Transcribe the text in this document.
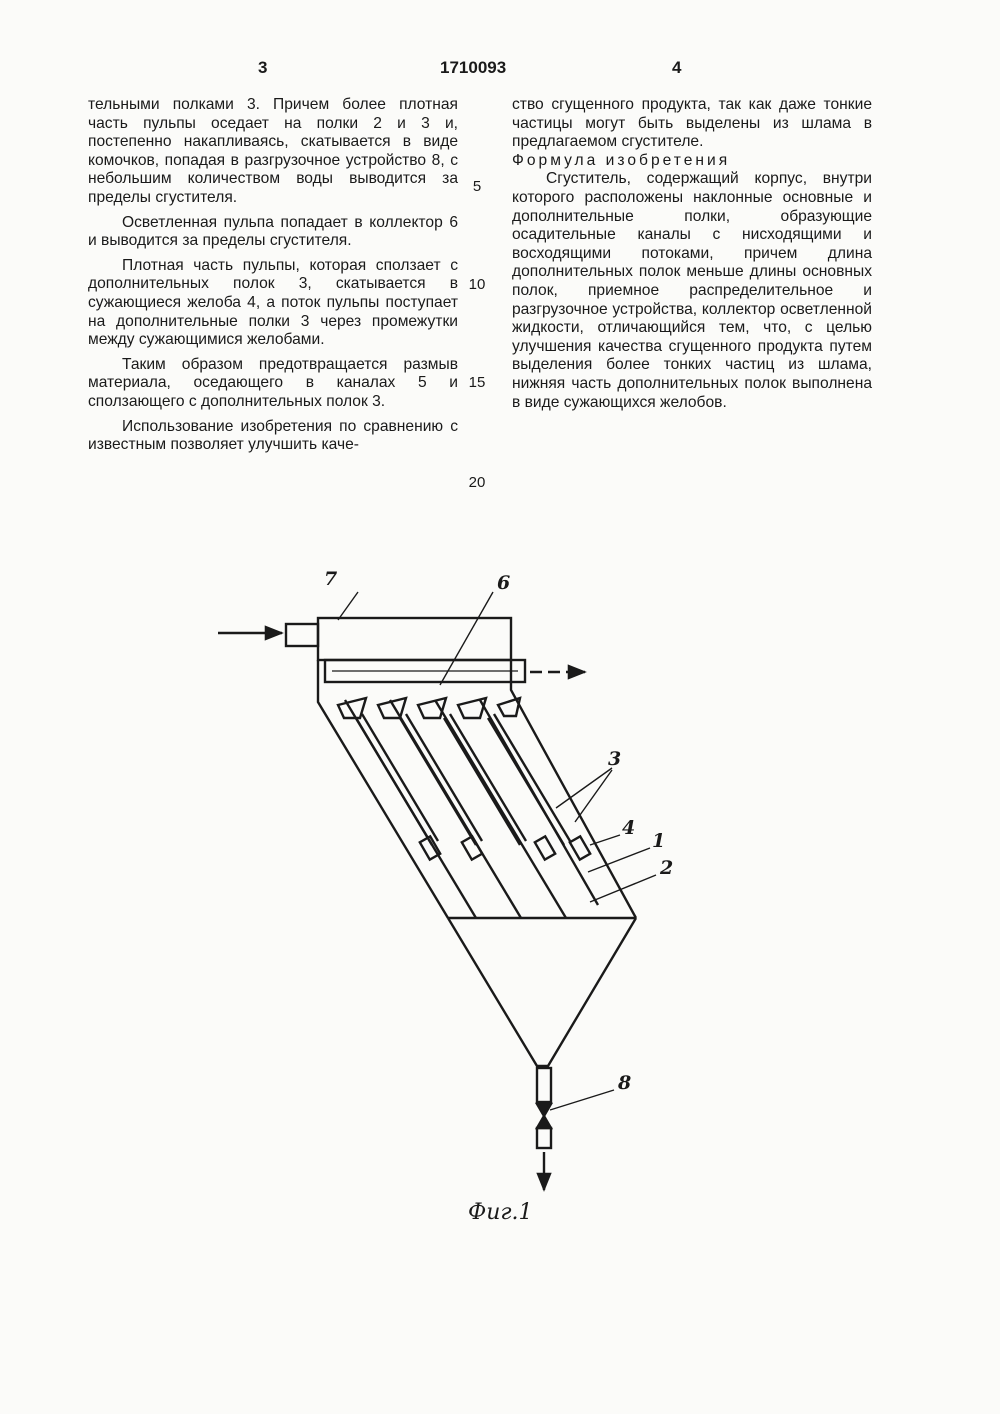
3	1710093	4

тельными полками 3. Причем более плотная часть пульпы оседает на полки 2 и 3 и, постепенно накапливаясь, скатывается в виде комочков, попадая в разгрузочное устройство 8, с небольшим количеством воды выводится за пределы сгустителя.

Осветленная пульпа попадает в коллектор 6 и выводится за пределы сгустителя.

Плотная часть пульпы, которая сползает с дополнительных полок 3, скатывается в сужающиеся желоба 4, а поток пульпы поступает на дополнительные полки 3 через промежутки между сужающимися желобами.

Таким образом предотвращается размыв материала, оседающего в каналах 5 и сползающего с дополнительных полок 3.

Использование изобретения по сравнению с известным позволяет улучшить каче-

ство сгущенного продукта, так как даже тонкие частицы могут быть выделены из шлама в предлагаемом сгустителе.

Формула изобретения

Сгуститель, содержащий корпус, внутри которого расположены наклонные основные и дополнительные полки, образующие осадительные каналы с нисходящими и восходящими потоками, причем длина дополнительных полок меньше длины основных полок, приемное распределительное и разгрузочное устройства, коллектор осветленной жидкости, отличающийся тем, что, с целью улучшения качества сгущенного продукта путем выделения более тонких частиц из шлама, нижняя часть дополнительных полок выполнена в виде сужающихся желобов.

5
10
15
20
7	6
3
4
1
2
8
Фиг.1
